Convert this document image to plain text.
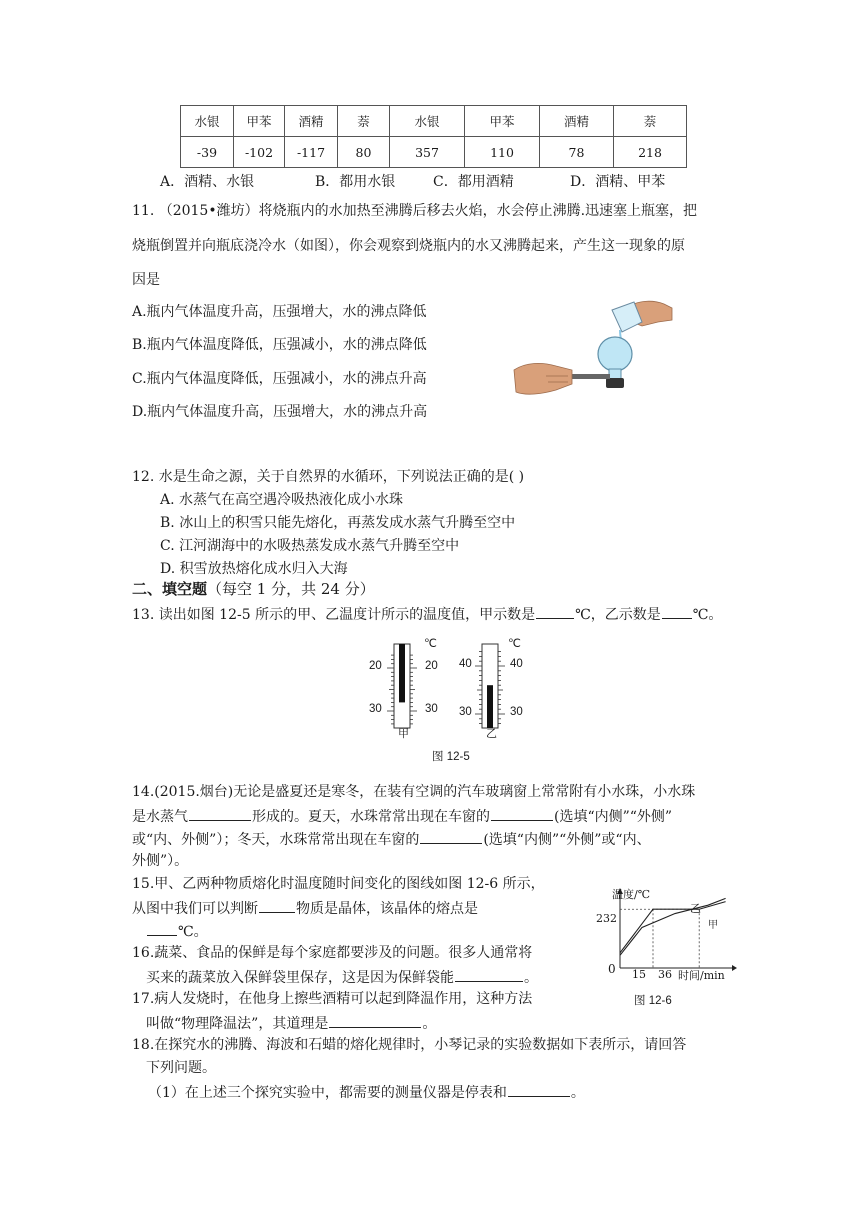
水银	甲苯	酒精	萘	水银	甲苯	酒精	萘
-39	-102	-117	80	357	110	78	218
A．酒精、水银	B．都用水银	C．都用酒精	D．酒精、甲苯
11. （2015•潍坊）将烧瓶内的水加热至沸腾后移去火焰，水会停止沸腾.迅速塞上瓶塞，把
烧瓶倒置并向瓶底浇冷水（如图），你会观察到烧瓶内的水又沸腾起来，产生这一现象的原
因是
A.瓶内气体温度升高，压强增大，水的沸点降低
B.瓶内气体温度降低，压强减小，水的沸点降低
C.瓶内气体温度降低，压强减小，水的沸点升高
D.瓶内气体温度升高，压强增大，水的沸点升高
12. 水是生命之源，关于自然界的水循环，下列说法正确的是( )
A. 水蒸气在高空遇冷吸热液化成小水珠
B. 冰山上的积雪只能先熔化，再蒸发成水蒸气升腾至空中
C. 江河湖海中的水吸热蒸发成水蒸气升腾至空中
D. 积雪放热熔化成水归入大海
二、填空题（每空 1 分，共 24 分）
13. 读出如图 12-5 所示的甲、乙温度计所示的温度值，甲示数是	℃，乙示数是 ℃。
℃	℃
20	20
30	30
40	40
30	30
甲	乙
图 12-5
14.(2015.烟台)无论是盛夏还是寒冬，在装有空调的汽车玻璃窗上常常附有小水珠，小水珠
是水蒸气	形成的。夏天，水珠常常出现在车窗的	(选填“内侧”“外侧”
或“内、外侧”）；冬天，水珠常常出现在车窗的	(选填“内侧”“外侧”或“内、
外侧”）。
15.甲、乙两种物质熔化时温度随时间变化的图线如图 12-6 所示，
从图中我们可以判断	物质是晶体，该晶体的熔点是
℃。
16.蔬菜、食品的保鲜是每个家庭都要涉及的问题。很多人通常将
买来的蔬菜放入保鲜袋里保存，这是因为保鲜袋能	。
17.病人发烧时，在他身上擦些酒精可以起到降温作用，这种方法
叫做“物理降温法”，其道理是	。
18.在探究水的沸腾、海波和石蜡的熔化规律时，小琴记录的实验数据如下表所示，请回答
下列问题。
（1）在上述三个探究实验中，都需要的测量仪器是停表和	。
温度/℃
时间/min
0
232
15 36
甲
乙
图 12-6
